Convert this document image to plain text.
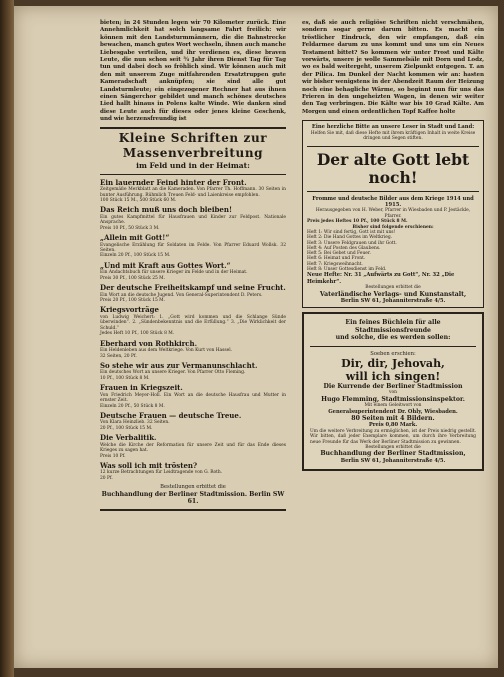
bieten; in 24 Stunden legen wir 70 Kilometer zurück. Eine Annehmlichkeit hat solch langsame Fahrt freilich: wir können mit den Landsturmmännern, die die Bahnstrecke bewachen, manch gutes Wort wechseln, ihnen auch manche Liebesgabe verteilen, und ihr verdienen es, diese braven Leute, die nun schon seit ¾ Jahr ihren Dienst Tag für Tag tun und dabei doch so fröhlich sind. Wir können auch mit den mit unserem Zuge mitfahrenden Ersatztruppen gute Kameradschaft anknüpfen; sie sind alle gut Landsturmleute; ein eingezogener Rechner hat aus ihnen einen Sängerchor gebildet und manch schönes deutsches Lied hallt hinaus in Polens kalte Winde. Wie danken sind diese Leute auch für dieses oder jenes kleine Geschenk, und wie herzensfreundig ist

Kleine Schriften zur

Massenverbreitung

im Feld und in der Heimat:

Ein lauernder Feind hinter der Front.

Zeitgemäße Merkblatt an die Kameraden. Von Pfarrer Th. Hoffmann. 30 Seiten in bunter Ausführung. Rühmlich Treuen Feld- und Laienkreise empfohlen.

100 Stück 15 M., 500 Stück 60 M.

Das Reich muß uns doch bleiben!

Ein gutes Kampfmittel für Hausfrauen und Kinder zur Feldpost. Nationale Ansprache.

Preis 10 Pf., 50 Stück 3 M.

„Allein mit Gott!“

Evangelische Erzählung für Soldaten im Felde. Von Pfarrer Eduard Wollsk. 32 Seiten.

Einzeln 20 Pf., 100 Stück 15 M.

„Und mit Kraft aus Gottes Wort.“

Ein Andachtsbuch für unsere Krieger im Felde und in der Heimat.

Preis 30 Pf., 100 Stück 25 M.

Der deutsche Freiheitskampf und seine Frucht.

Ein Wort an die deutsche Jugend. Von General-Superintendent D. Peters.

Preis 20 Pf., 100 Stück 15 M.

Kriegsvorträge

von Ludwig Weichert: 1. „Gott wird kommen und die Schlange Sünde überwinden“. 2. „Sündenbekenntnis und die Erfüllung.“ 3. „Die Wirklichkeit der Schuld.“

Jedes Heft 10 Pf., 100 Stück 8 M.

Eberhard von Rothkirch.

Ein Heldenleben aus dem Weltkriege. Von Kurt von Hassel.

32 Seiten, 20 Pf.

So stehe wir aus zur Vermanunschlacht.

Ein deutsches Wort an unsere Krieger. Von Pfarrer Otto Fleming.

10 Pf., 100 Stück 8 M.

Frauen in Kriegszeit.

Von Friedrich Meyer-Holl. Ein Wort an die deutsche Hausfrau und Mutter in ernster Zeit.

Einzeln 20 Pf., 50 Stück 8 M.

Deutsche Frauen — deutsche Treue.

Von Klara Heinzlieb. 32 Seiten.

20 Pf., 100 Stück 15 M.

Die Verbalitik.

Welche die Kirche der Reformation für unsere Zeit und für das Ende dieses Krieges zu sagen hat.

Preis 10 Pf.

Was soll ich mit trösten?

12 kurze Betrachtungen für Leidtragende von G. Roth.

20 Pf.

Bestellungen erbittet die

Buchhandlung der Berliner Stadtmission. Berlin SW 61.

es, daß sie auch religiöse Schriften nicht verschmähen, sondern sogar gerne darum bitten. Es macht ein tröstlicher Eindruck, den wir empfangen, daß ein Feldarmee darum zu uns kommt und uns um ein Neues Testament bittet? So kommen wir unter Frost und Kälte vorwärts, unsere je wolle Sammelsäle mit Dorn und Lodz, wo es bald weitergeht, unserem Zielpunkt entgegen. T. an der Pilica. Im Dunkel der Nacht kommen wir an: hasten wir bisher wenigstens in der Abendzeit Raum der Heizung noch eine behagliche Wärme, so beginnt nun für uns das Frieren in den ungeheizten Wagen, in denen wir weiter den Tag verbringen. Die Kälte war bis 10 Grad Kälte. Am Morgen und einen ordentlichen Topf Kaffee holte

Eine herzliche Bitte an unsere Leser in Stadt und Land:

Helfen Sie mit, daß diese Hefte mit ihrem kräftigen Inhalt in weite Kreise dringen und Segen stiften.

Der alte Gott lebt noch!

Fromme und deutsche Bilder aus dem Kriege 1914 und 1915.

Herausgegeben von H. Weber, Pfarrer in Wiesbaden und P. Jestäckle, Pfarrer.

Preis jedes Heftes 10 Pf., 100 Stück 8 M.

Bisher sind folgende erschienen:

Heft 1: Wir sind fertig, Gott ist mit uns!

Heft 2: Die Hand Gottes im Weltkrieg.

Heft 3: Unsere Feldgrauen und ihr Gott.

Heft 4: Auf Posten des Glaubens.

Heft 5: Bei Gebet und Feuer.

Heft 6: Heimat und Front.

Heft 7: Kriegsweihnacht.

Heft 8: Unser Gottesdienst im Feld.

Neue Hefte: Nr. 31 „Aufwärts zu Gott“, Nr. 32 „Die Heimkehr“.

Bestellungen erbittet die

Vaterländische Verlags- und Kunstanstalt,

Berlin SW 61, Johanniterstraße 4/5.

Ein feines Büchlein für alle Stadtmissionsfreunde

und solche, die es werden sollen:

Soeben erschien:

Dir, dir, Jehovah,

will ich singen!

Die Kurrende der Berliner Stadtmission

von

Hugo Flemming, Stadtmissionsinspektor.

Mit einem Geleitwort von

Generalsuperintendent Dr. Ohly, Wiesbaden.

80 Seiten mit 4 Bildern.

Preis 0,80 Mark.

Um die weitere Verbreitung zu ermöglichen, ist der Preis niedrig gestellt. Wir bitten, daß jeder Exemplare kommen, um durch ihre Verbreitung neue Freunde für das Werk der Berliner Stadtmission zu gewinnen.

Bestellungen erbittet die

Buchhandlung der Berliner Stadtmission,

Berlin SW 61, Johanniterstraße 4/5.
